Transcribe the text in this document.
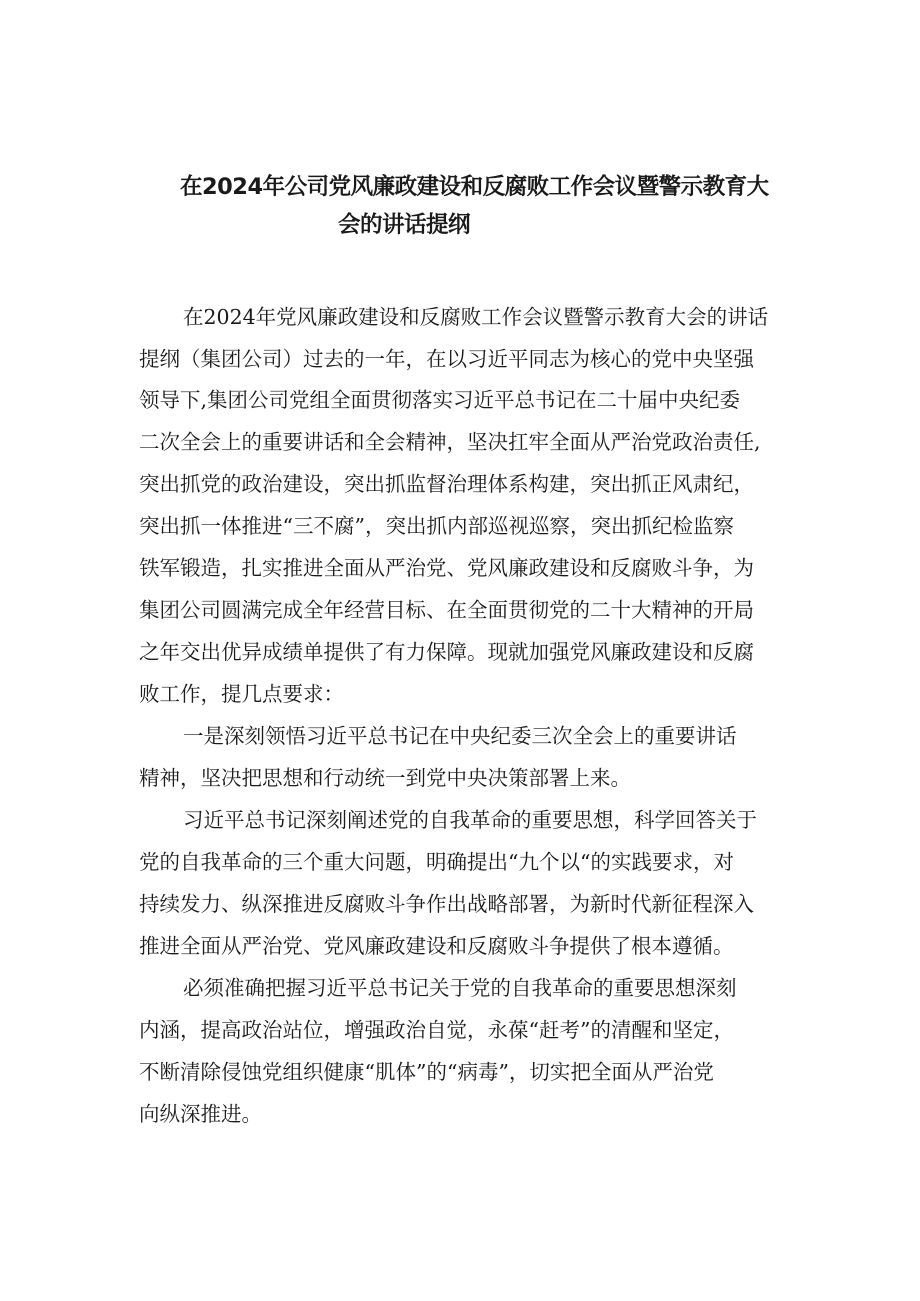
在2024年公司党风廉政建设和反腐败工作会议暨警示教育大
会的讲话提纲
在2024年党风廉政建设和反腐败工作会议暨警示教育大会的讲话
提纲（集团公司）过去的一年，在以习近平同志为核心的党中央坚强
领导下,集团公司党组全面贯彻落实习近平总书记在二十届中央纪委
二次全会上的重要讲话和全会精神，坚决扛牢全面从严治党政治责任,
突出抓党的政治建设，突出抓监督治理体系构建，突出抓正风肃纪，
突出抓一体推进“三不腐”，突出抓内部巡视巡察，突出抓纪检监察
铁军锻造，扎实推进全面从严治党、党风廉政建设和反腐败斗争，为
集团公司圆满完成全年经营目标、在全面贯彻党的二十大精神的开局
之年交出优异成绩单提供了有力保障。现就加强党风廉政建设和反腐
败工作，提几点要求：
一是深刻领悟习近平总书记在中央纪委三次全会上的重要讲话
精神，坚决把思想和行动统一到党中央决策部署上来。
习近平总书记深刻阐述党的自我革命的重要思想，科学回答关于
党的自我革命的三个重大问题，明确提出“九个以“的实践要求，对
持续发力、纵深推进反腐败斗争作出战略部署，为新时代新征程深入
推进全面从严治党、党风廉政建设和反腐败斗争提供了根本遵循。
必须准确把握习近平总书记关于党的自我革命的重要思想深刻
内涵，提高政治站位，增强政治自觉，永葆“赶考”的清醒和坚定，
不断清除侵蚀党组织健康“肌体”的“病毒”，切实把全面从严治党
向纵深推进。
